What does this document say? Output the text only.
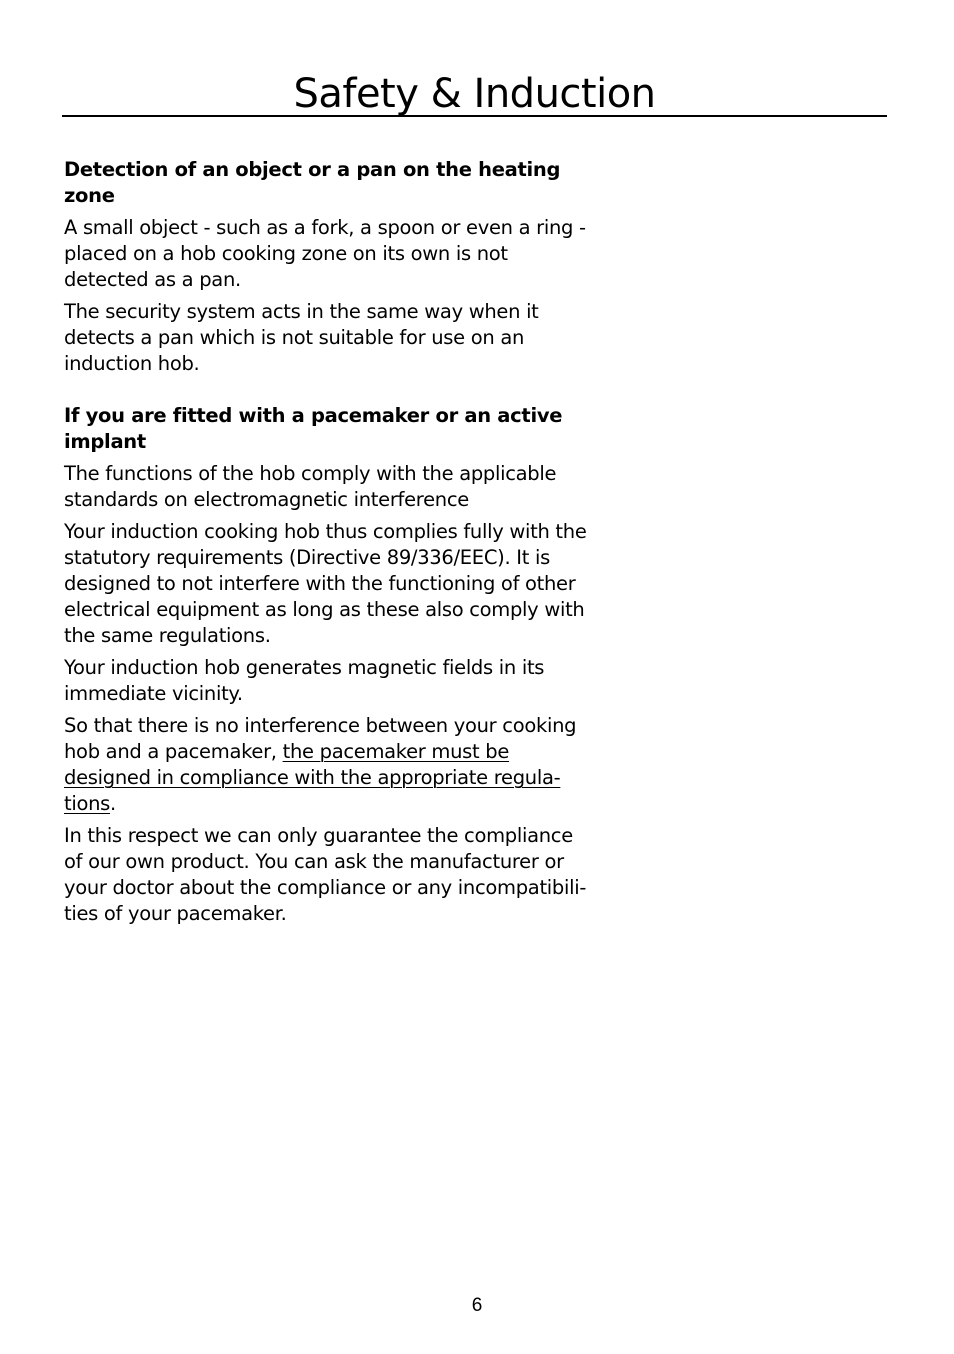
Safety & Induction
Detection of an object or a pan on the heating zone

A small object - such as a fork, a spoon or even a ring - placed on a hob cooking zone on its own is not detected as a pan.

The security system acts in the same way when it detects a pan which is not suitable for use on an induction hob.

If you are fitted with a pacemaker or an active implant

The functions of the hob comply with the applicable standards on electromagnetic interference

Your induction cooking hob thus complies fully with the statutory requirements (Directive 89/336/EEC). It is designed to not interfere with the functioning of other electrical equipment as long as these also comply with the same regulations.

Your induction hob generates magnetic fields in its immediate vicinity.

So that there is no interference between your cooking hob and a pacemaker, the pacemaker must be designed in compliance with the appropriate regula-tions.

In this respect we can only guarantee the compliance of our own product. You can ask the manufacturer or your doctor about the compliance or any incompatibili-ties of your pacemaker.

6
